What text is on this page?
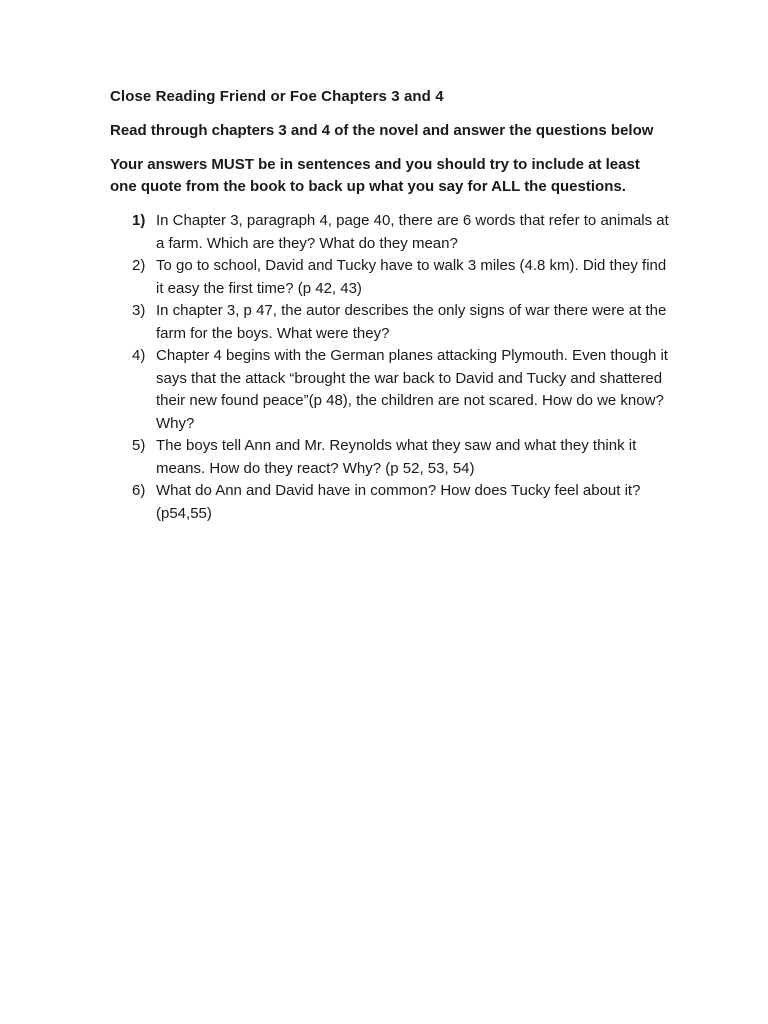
Close Reading Friend or Foe Chapters 3 and 4

Read through chapters 3 and 4 of the novel and answer the questions below

Your answers MUST be in sentences and you should try to include at least one quote from the book to back up what you say for ALL the questions.

1) In Chapter 3, paragraph 4, page 40, there are 6 words that refer to animals at a farm. Which are they? What do they mean?
2) To go to school, David and Tucky have to walk 3 miles (4.8 km). Did they find it easy the first time? (p 42, 43)
3) In chapter 3, p 47, the autor describes the only signs of war there were at the farm for the boys. What were they?
4) Chapter 4 begins with the German planes attacking Plymouth. Even though it says that the attack “brought the war back to David and Tucky and shattered their new found peace”(p 48), the children are not scared. How do we know? Why?
5) The boys tell Ann and Mr. Reynolds what they saw and what they think it means. How do they react? Why? (p 52, 53, 54)
6) What do Ann and David have in common? How does Tucky feel about it? (p54,55)
